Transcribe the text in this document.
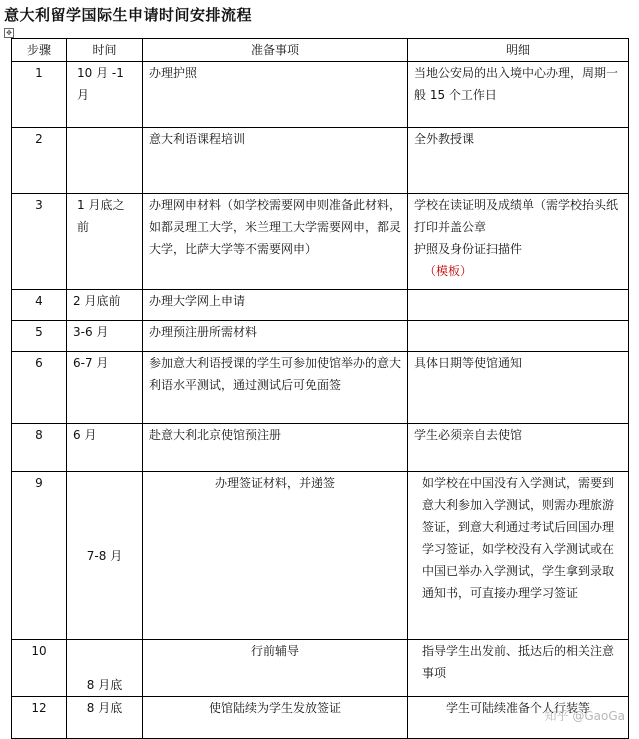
意大利留学国际生申请时间安排流程
✥
步骤	时间	准备事项	明细
1	10 月 -1 月	办理护照	当地公安局的出入境中心办理，周期一般 15 个工作日
2		意大利语课程培训	全外教授课
3	1 月底之前	办理网申材料（如学校需要网申则准备此材料，如都灵理工大学，米兰理工大学需要网申，都灵大学，比萨大学等不需要网申）	学校在读证明及成绩单（需学校抬头纸打印并盖公章
护照及身份证扫描件
（模板）

4	2 月底前	办理大学网上申请	
5	3-6 月	办理预注册所需材料	
6	6-7 月	参加意大利语授课的学生可参加使馆举办的意大利语水平测试，通过测试后可免面签	具体日期等使馆通知
8	6 月	赴意大利北京使馆预注册	学生必须亲自去使馆
9	7-8 月	办理签证材料，并递签	如学校在中国没有入学测试，需要到意大利参加入学测试，则需办理旅游签证，到意大利通过考试后回国办理学习签证，如学校没有入学测试或在中国已举办入学测试，学生拿到录取通知书，可直接办理学习签证
10	8 月底	行前辅导	指导学生出发前、抵达后的相关注意事项
12	8 月底	使馆陆续为学生发放签证	学生可陆续准备个人行装等
知乎 @GaoGa
